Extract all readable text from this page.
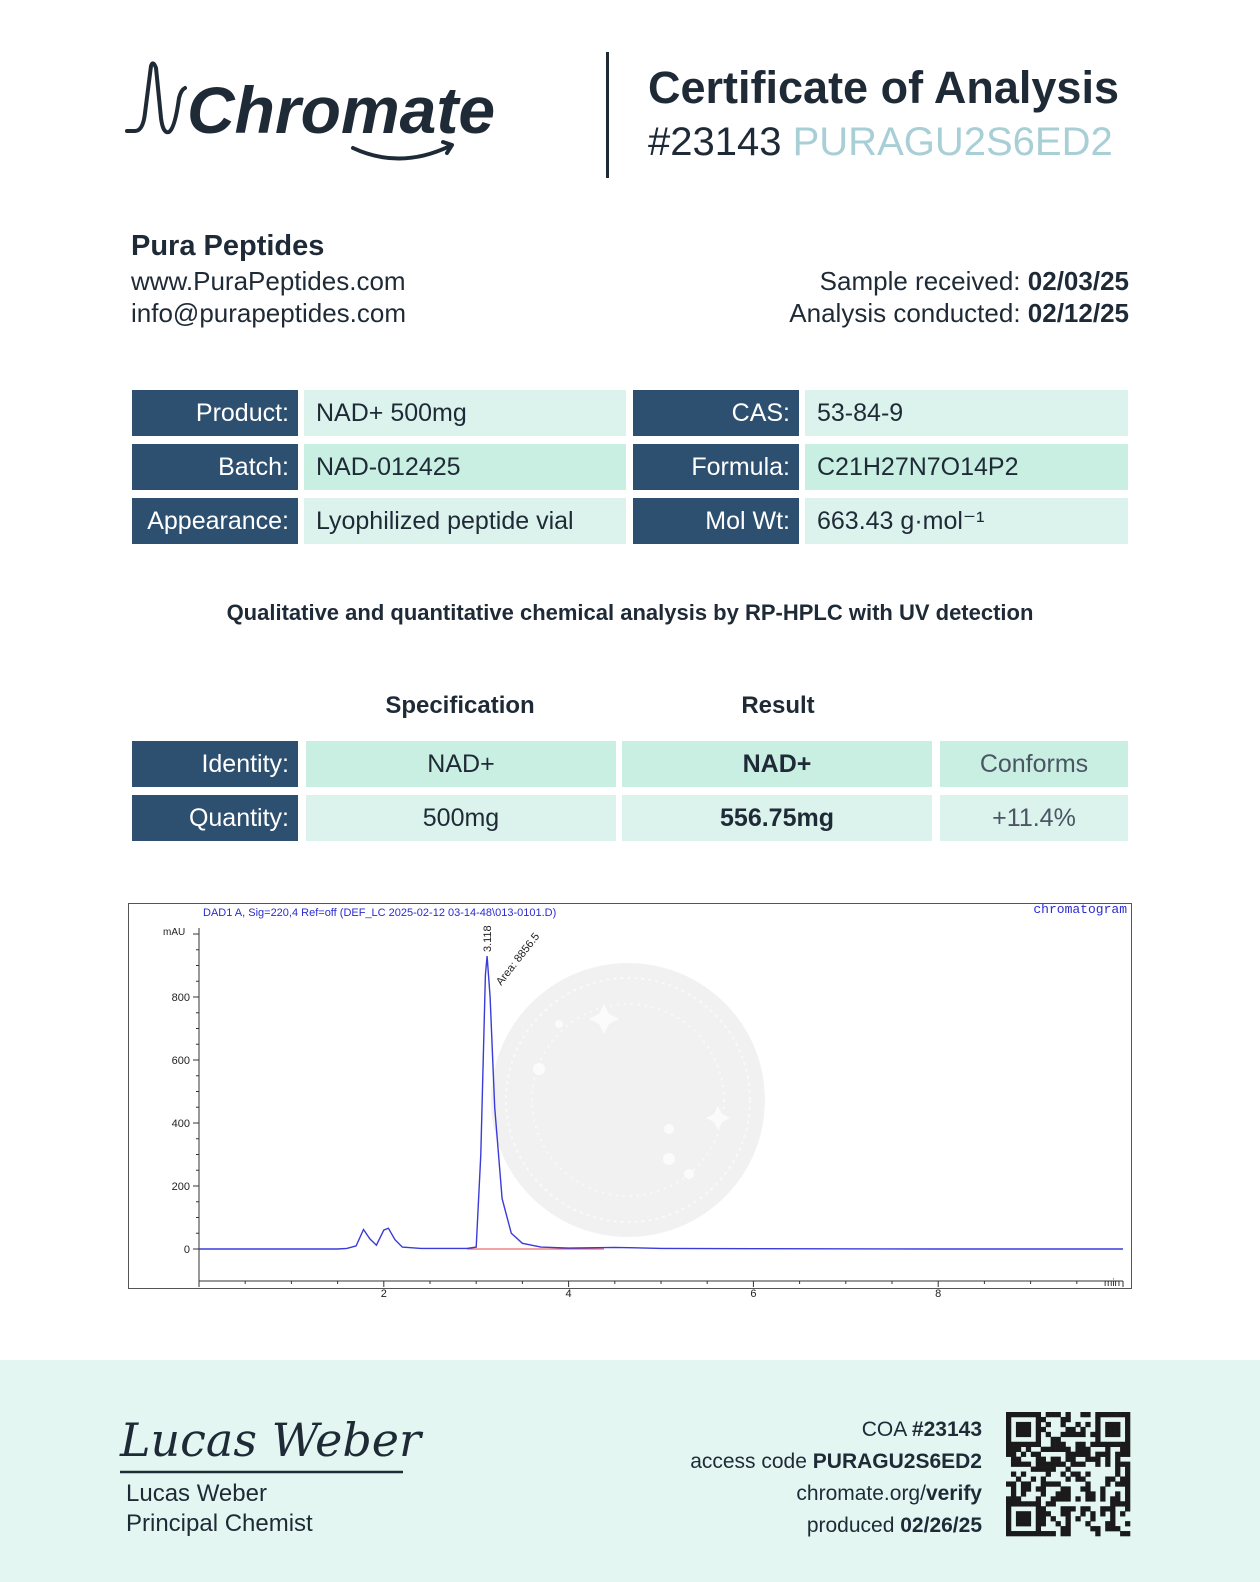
Chromate	Certificate of Analysis
#23143 PURAGU2S6ED2
Pura Peptides
www.PuraPeptides.com
info@purapeptides.com
Sample received: 02/03/25
Analysis conducted: 02/12/25
Product:	NAD+ 500mg	CAS:	53-84-9
Batch:	NAD-012425	Formula:	C21H27N7O14P2
Appearance:	Lyophilized peptide vial	Mol Wt:	663.43 g·mol⁻¹
Qualitative and quantitative chemical analysis by RP-HPLC with UV detection
Specification	Result
Identity:	NAD+	NAD+	Conforms
Quantity:	500mg	556.75mg	+11.4%
DAD1 A, Sig=220,4 Ref=off (DEF_LC 2025-02-12 03-14-48\013-0101.D)	chromatogram
mAU
min
0
200
400
600
800
2	4	6	8
3.118 Area: 8856.5
Lucas Weber
Lucas Weber
Principal Chemist
COA #23143
access code PURAGU2S6ED2
chromate.org/verify
produced 02/26/25
